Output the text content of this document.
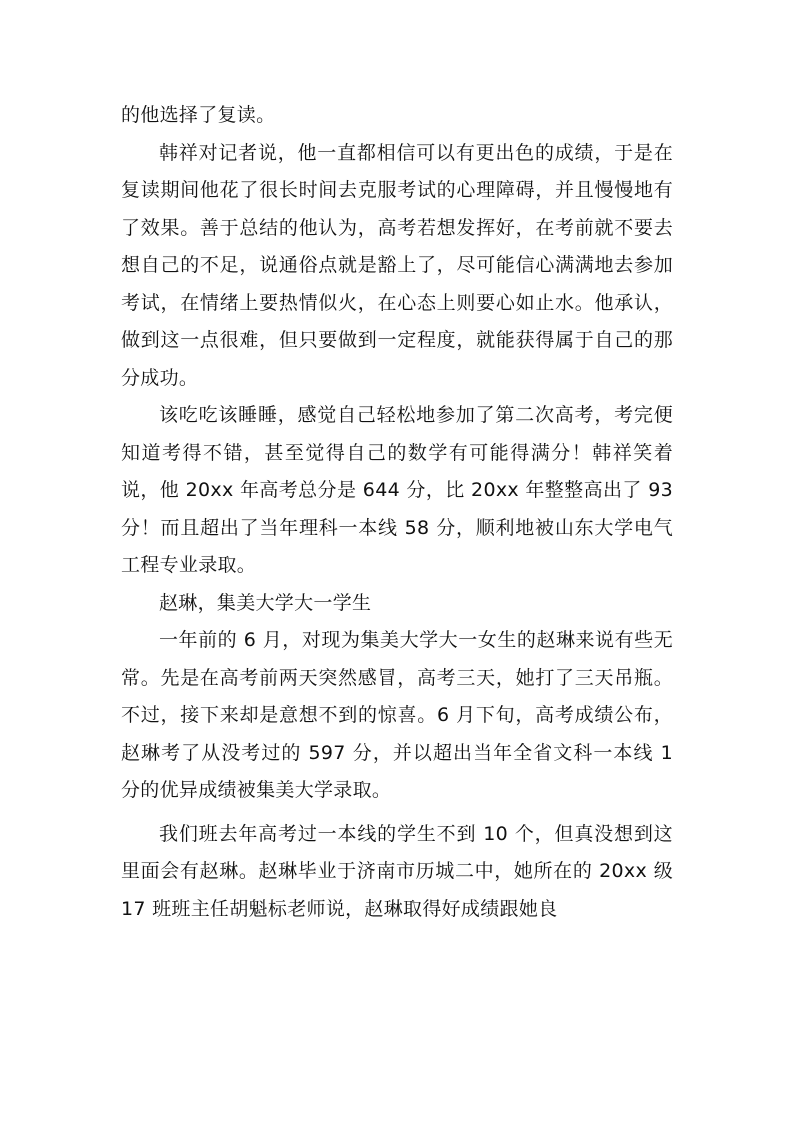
的他选择了复读。

韩祥对记者说，他一直都相信可以有更出色的成绩，于是在复读期间他花了很长时间去克服考试的心理障碍，并且慢慢地有了效果。善于总结的他认为，高考若想发挥好，在考前就不要去想自己的不足，说通俗点就是豁上了，尽可能信心满满地去参加考试，在情绪上要热情似火，在心态上则要心如止水。他承认，做到这一点很难，但只要做到一定程度，就能获得属于自己的那分成功。

该吃吃该睡睡，感觉自己轻松地参加了第二次高考，考完便知道考得不错，甚至觉得自己的数学有可能得满分！韩祥笑着说，他 20xx 年高考总分是 644 分，比 20xx 年整整高出了 93 分！而且超出了当年理科一本线 58 分，顺利地被山东大学电气工程专业录取。

赵琳，集美大学大一学生

一年前的 6 月，对现为集美大学大一女生的赵琳来说有些无常。先是在高考前两天突然感冒，高考三天，她打了三天吊瓶。不过，接下来却是意想不到的惊喜。6 月下旬，高考成绩公布，赵琳考了从没考过的 597 分，并以超出当年全省文科一本线 1 分的优异成绩被集美大学录取。

我们班去年高考过一本线的学生不到 10 个，但真没想到这里面会有赵琳。赵琳毕业于济南市历城二中，她所在的 20xx 级 17 班班主任胡魁标老师说，赵琳取得好成绩跟她良
